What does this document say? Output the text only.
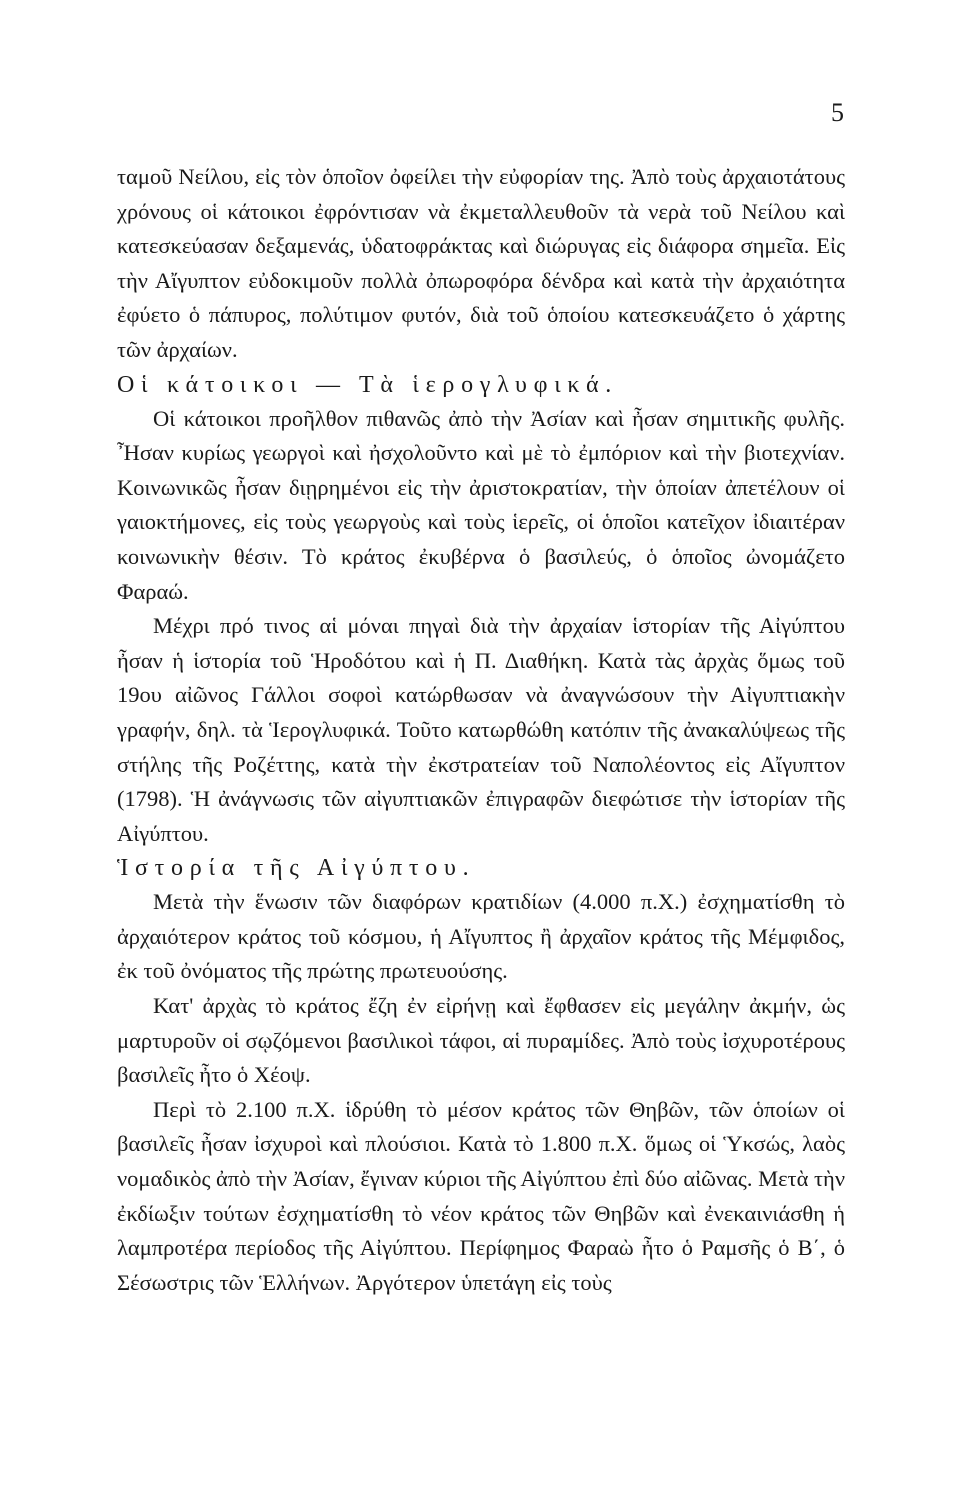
5

ταμοῦ Νείλου, εἰς τὸν ὁποῖον ὀφείλει τὴν εὐφορίαν της. Ἀπὸ τοὺς ἀρχαιοτάτους χρόνους οἱ κάτοικοι ἐφρόντισαν νὰ ἐκμεταλλευθοῦν τὰ νερὰ τοῦ Νείλου καὶ κατεσκεύασαν δεξαμενάς, ὑδατοφράκτας καὶ διώρυγας εἰς διάφορα σημεῖα. Εἰς τὴν Αἴγυπτον εὐδοκιμοῦν πολλὰ ὀπωροφόρα δένδρα καὶ κατὰ τὴν ἀρχαιότητα ἐφύετο ὁ πάπυρος, πολύτιμον φυτόν, διὰ τοῦ ὁποίου κατεσκευάζετο ὁ χάρτης τῶν ἀρχαίων.

Οἱ κάτοικοι — Τὰ ἱερογλυφικά.

Οἱ κάτοικοι προῆλθον πιθανῶς ἀπὸ τὴν Ἀσίαν καὶ ἦσαν σημιτικῆς φυλῆς. Ἦσαν κυρίως γεωργοὶ καὶ ἠσχολοῦντο καὶ μὲ τὸ ἐμπόριον καὶ τὴν βιοτεχνίαν. Κοινωνικῶς ἦσαν διῃρημένοι εἰς τὴν ἀριστοκρατίαν, τὴν ὁποίαν ἀπετέλουν οἱ γαιοκτήμονες, εἰς τοὺς γεωργοὺς καὶ τοὺς ἱερεῖς, οἱ ὁποῖοι κατεῖχον ἰδιαιτέραν κοινωνικὴν θέσιν. Τὸ κράτος ἐκυβέρνα ὁ βασιλεύς, ὁ ὁποῖος ὠνομάζετο Φαραώ.

Μέχρι πρό τινος αἱ μόναι πηγαὶ διὰ τὴν ἀρχαίαν ἱστορίαν τῆς Αἰγύπτου ἦσαν ἡ ἱστορία τοῦ Ἡροδότου καὶ ἡ Π. Διαθήκη. Κατὰ τὰς ἀρχὰς ὅμως τοῦ 19ου αἰῶνος Γάλλοι σοφοὶ κατώρθωσαν νὰ ἀναγνώσουν τὴν Αἰγυπτιακὴν γραφήν, δηλ. τὰ Ἱερογλυφικά. Τοῦτο κατωρθώθη κατόπιν τῆς ἀνακαλύψεως τῆς στήλης τῆς Ροζέττης, κατὰ τὴν ἐκστρατείαν τοῦ Ναπολέοντος εἰς Αἴγυπτον (1798). Ἡ ἀνάγνωσις τῶν αἰγυπτιακῶν ἐπιγραφῶν διεφώτισε τὴν ἱστορίαν τῆς Αἰγύπτου.

Ἱστορία τῆς Αἰγύπτου.

Μετὰ τὴν ἕνωσιν τῶν διαφόρων κρατιδίων (4.000 π.Χ.) ἐσχηματίσθη τὸ ἀρχαιότερον κράτος τοῦ κόσμου, ἡ Αἴγυπτος ἢ ἀρχαῖον κράτος τῆς Μέμφιδος, ἐκ τοῦ ὀνόματος τῆς πρώτης πρωτευούσης.

Κατ' ἀρχὰς τὸ κράτος ἔζη ἐν εἰρήνῃ καὶ ἔφθασεν εἰς μεγάλην ἀκμήν, ὡς μαρτυροῦν οἱ σῳζόμενοι βασιλικοὶ τάφοι, αἱ πυραμίδες. Ἀπὸ τοὺς ἰσχυροτέρους βασιλεῖς ἦτο ὁ Χέοψ.

Περὶ τὸ 2.100 π.Χ. ἱδρύθη τὸ μέσον κράτος τῶν Θηβῶν, τῶν ὁποίων οἱ βασιλεῖς ἦσαν ἰσχυροὶ καὶ πλούσιοι. Κατὰ τὸ 1.800 π.Χ. ὅμως οἱ Ὑκσώς, λαὸς νομαδικὸς ἀπὸ τὴν Ἀσίαν, ἔγιναν κύριοι τῆς Αἰγύπτου ἐπὶ δύο αἰῶνας. Μετὰ τὴν ἐκδίωξιν τούτων ἐσχηματίσθη τὸ νέον κράτος τῶν Θηβῶν καὶ ἐνεκαινιάσθη ἡ λαμπροτέρα περίοδος τῆς Αἰγύπτου. Περίφημος Φαραὼ ἦτο ὁ Ραμσῆς ὁ Β΄, ὁ Σέσωστρις τῶν Ἑλλήνων. Ἀργότερον ὑπετάγη εἰς τοὺς
